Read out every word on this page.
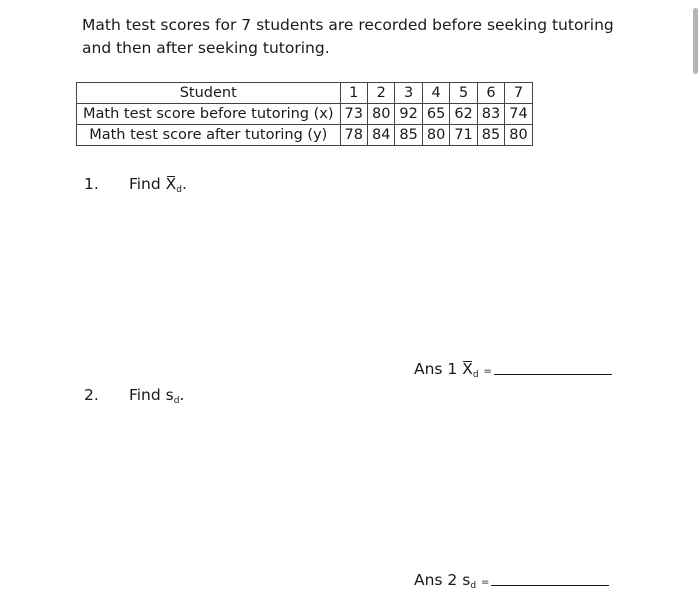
Math test scores for 7 students are recorded before seeking tutoring and then after seeking tutoring.

Student	1	2	3	4	5	6	7
Math test score before tutoring (x)	73	80	92	65	62	83	74
Math test score after tutoring (y)	78	84	85	80	71	85	80
1. Find $X_d$.
Ans 1 $X_d$ =
2. Find $s_d$.
Ans 2 $s_d$ =
